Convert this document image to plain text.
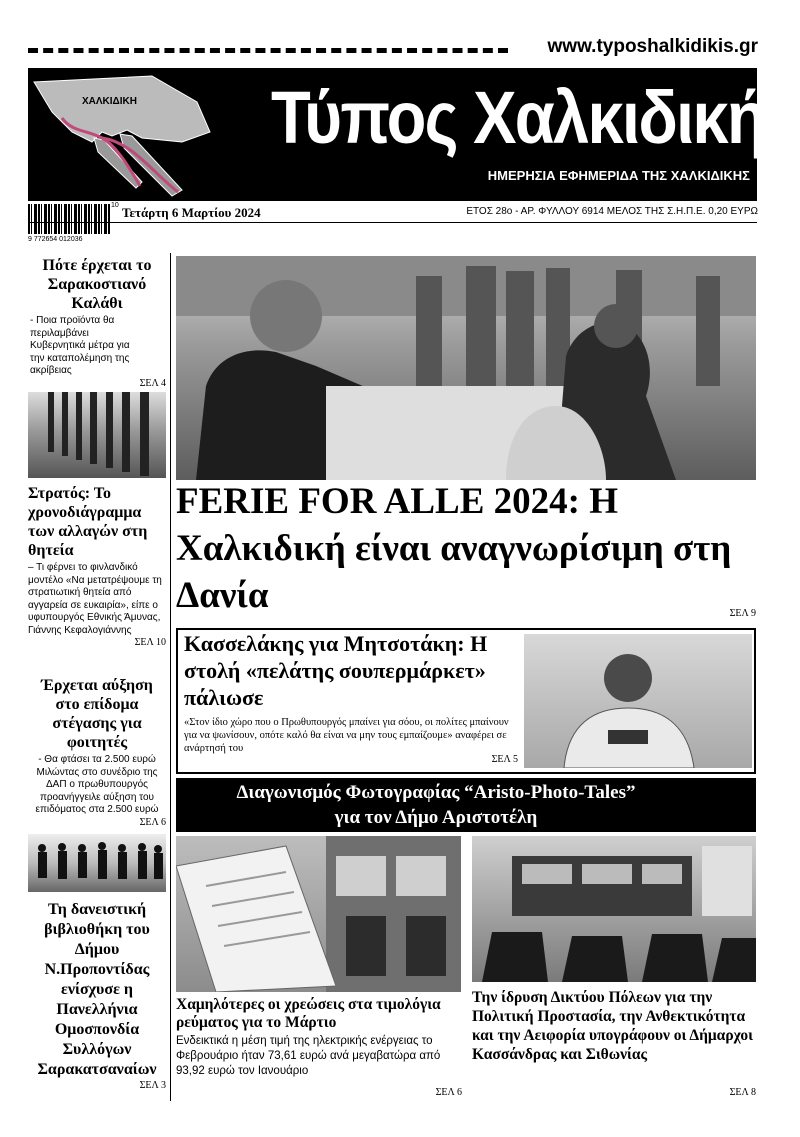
www.typoshalkidikis.gr
ΧΑΛΚΙΔΙΚΗ Τύπος Χαλκιδικής
ΗΜΕΡΗΣΙΑ ΕΦΗΜΕΡΙΔΑ ΤΗΣ ΧΑΛΚΙΔΙΚΗΣ
9 772654 012036
10 Τετάρτη 6 Μαρτίου 2024	ΕΤΟΣ 28ο - ΑΡ. ΦΥΛΛΟΥ 6914 ΜΕΛΟΣ ΤΗΣ Σ.Η.Π.Ε. 0,20 ΕΥΡΩ
Πότε έρχεται το Σαρακοστιανό Καλάθι

- Ποια προϊόντα θα περιλαμβάνει Κυβερνητικά μέτρα για την καταπολέμηση της ακρίβειας

ΣΕΛ 4
Στρατός: Το χρονοδιάγραμμα των αλλαγών στη θητεία

– Τι φέρνει το φινλανδικό μοντέλο «Να μετατρέψουμε τη στρατιωτική θητεία από αγγαρεία σε ευκαιρία», είπε ο υφυπουργός Εθνικής Άμυνας, Γιάννης Κεφαλογιάννης

ΣΕΛ 10
Έρχεται αύξηση στο επίδομα στέγασης για φοιτητές

- Θα φτάσει τα 2.500 ευρώ Μιλώντας στο συνέδριο της ΔΑΠ ο πρωθυπουργός προανήγγειλε αύξηση του επιδόματος στα 2.500 ευρώ

ΣΕΛ 6
Τη δανειστική βιβλιοθήκη του Δήμου Ν.Προποντίδας ενίσχυσε η Πανελλήνια Ομοσπονδία Συλλόγων Σαρακατσαναίων
ΣΕΛ 3
FERIE FOR ALLE 2024: Η Χαλκιδική είναι αναγνωρίσιμη στη Δανία	ΣΕΛ 9
Κασσελάκης για Μητσοτάκη: Η στολή «πελάτης σουπερμάρκετ» πάλιωσε
«Στον ίδιο χώρο που ο Πρωθυπουργός μπαίνει για σόου, οι πολίτες μπαίνουν για να ψωνίσουν, οπότε καλό θα είναι να μην τους εμπαίζουμε» αναφέρει σε ανάρτησή του
ΣΕΛ 5
Διαγωνισμός Φωτογραφίας “Aristo-Photo-Tales”
για τον Δήμο Αριστοτέλη	ΣΕΛ 8
Χαμηλότερες οι χρεώσεις στα τιμολόγια ρεύματος για το Μάρτιο
Ενδεικτικά η μέση τιμή της ηλεκτρικής ενέργειας το Φεβρουάριο ήταν 73,61 ευρώ ανά μεγαβατώρα από 93,92 ευρώ τον Ιανουάριο
ΣΕΛ 6
Την ίδρυση Δικτύου Πόλεων για την Πολιτική Προστασία, την Ανθεκτικότητα και την Αειφορία υπογράφουν οι Δήμαρχοι Κασσάνδρας και Σιθωνίας
ΣΕΛ 8
